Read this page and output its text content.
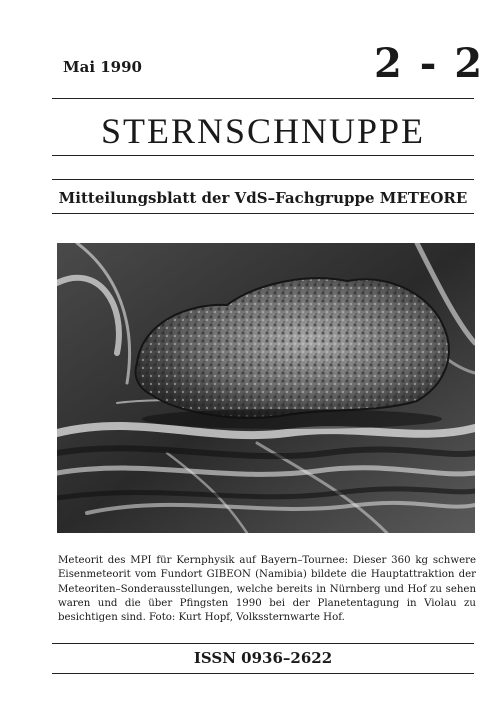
Mai 1990	2 - 2
STERNSCHNUPPE
Mitteilungsblatt der VdS–Fachgruppe METEORE
Meteorit des MPI für Kernphysik auf Bayern–Tournee: Dieser 360 kg schwere Eisenmeteorit vom Fundort GIBEON (Namibia) bildete die Hauptattraktion der Meteoriten–Sonderausstellungen, welche bereits in Nürnberg und Hof zu sehen waren und die über Pfingsten 1990 bei der Planetentagung in Violau zu besichtigen sind. Foto: Kurt Hopf, Volkssternwarte Hof.
ISSN 0936–2622
